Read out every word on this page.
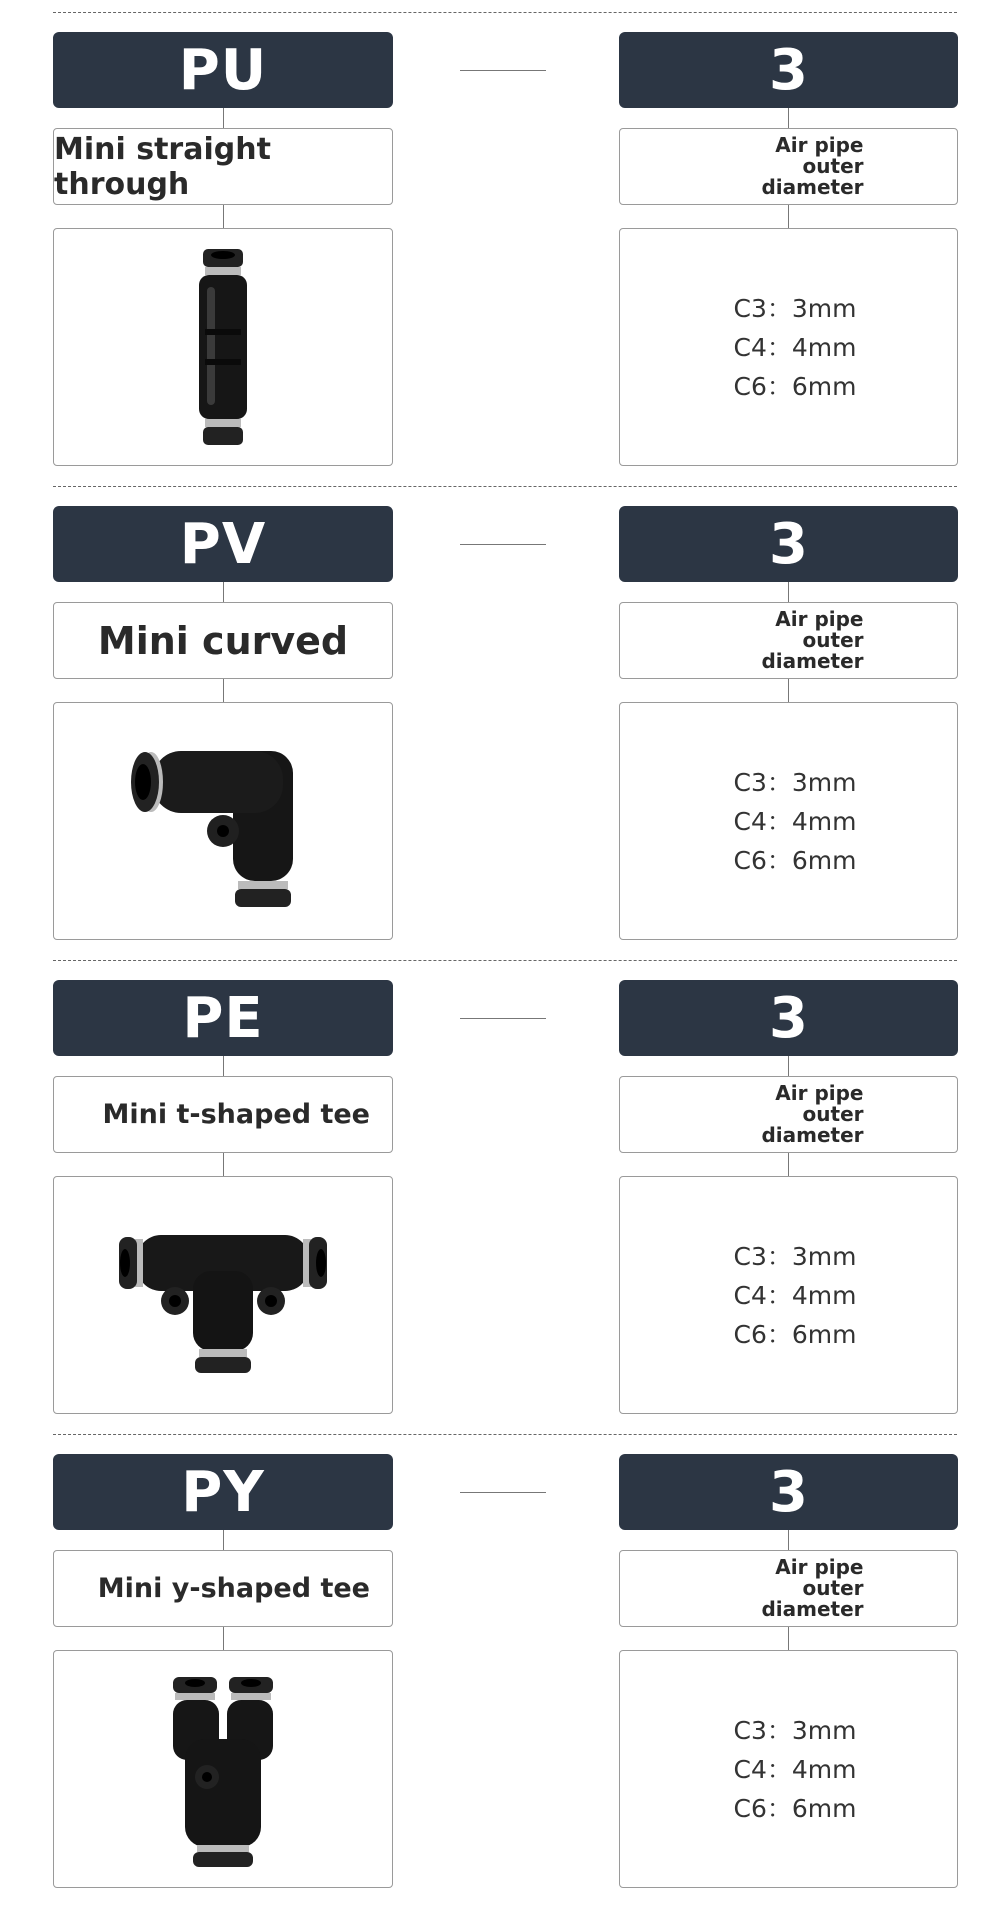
PU	3
Mini straight through
Air pipe outer
diameter
C3：3mm
C4：4mm
C6：6mm
PV	3
Mini curved	Air pipe outer
diameter
C3：3mm
C4：4mm
C6：6mm
PE	3
Mini t-shaped tee
Air pipe outer
diameter
C3：3mm
C4：4mm
C6：6mm
PY	3
Mini y-shaped tee
Air pipe outer
diameter
C3：3mm
C4：4mm
C6：6mm
